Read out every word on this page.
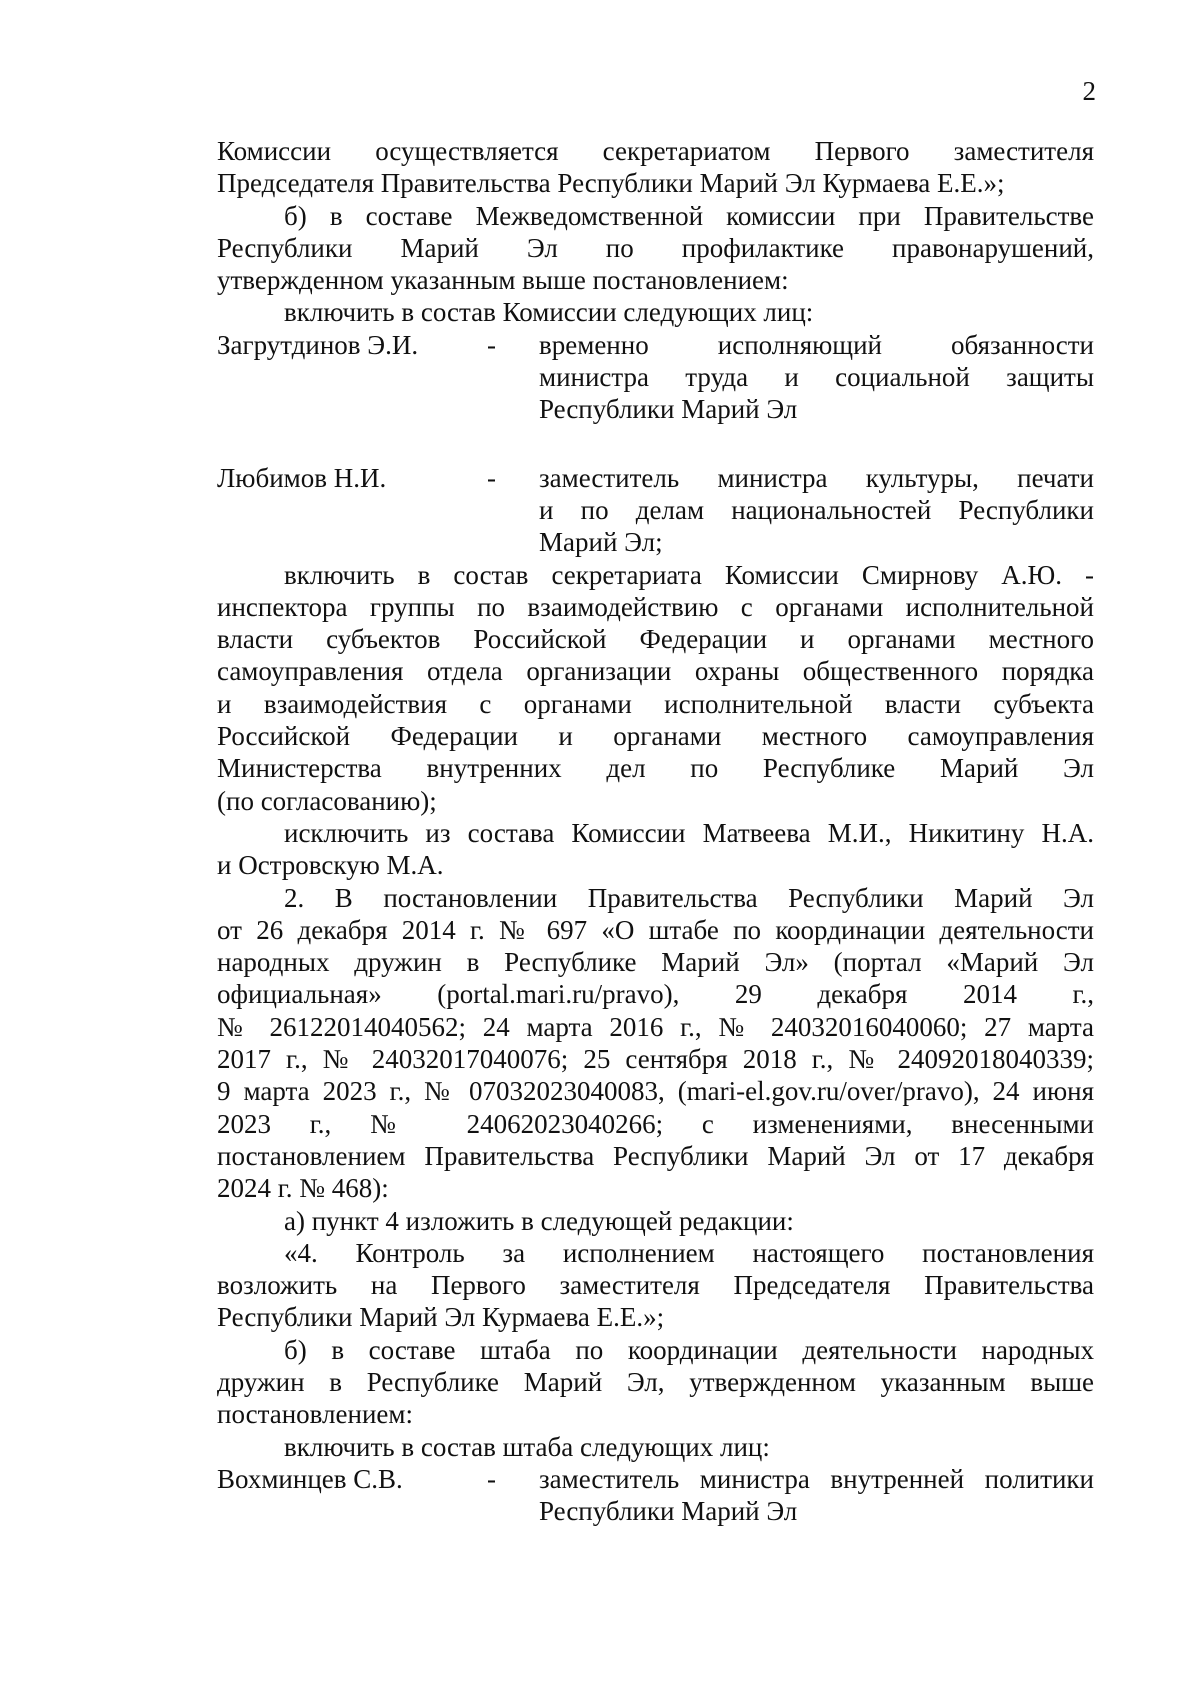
2
Комиссии осуществляется секретариатом Первого заместителя
Председателя Правительства Республики Марий Эл Курмаева Е.Е.»;
б) в составе Межведомственной комиссии при Правительстве
Республики Марий Эл по профилактике правонарушений,
утвержденном указанным выше постановлением:
включить в состав Комиссии следующих лиц:
Загрутдинов Э.И.	-	временно исполняющий обязанности
министра труда и социальной защиты
Республики Марий Эл
Любимов Н.И.	-	заместитель министра культуры, печати
и по делам национальностей Республики
Марий Эл;
включить в состав секретариата Комиссии Смирнову А.Ю. -
инспектора группы по взаимодействию с органами исполнительной
власти субъектов Российской Федерации и органами местного
самоуправления отдела организации охраны общественного порядка
и взаимодействия с органами исполнительной власти субъекта
Российской Федерации и органами местного самоуправления
Министерства внутренних дел по Республике Марий Эл
(по согласованию);
исключить из состава Комиссии Матвеева М.И., Никитину Н.А.
и Островскую М.А.
2. В постановлении Правительства Республики Марий Эл
от 26 декабря 2014 г. № 697 «О штабе по координации деятельности
народных дружин в Республике Марий Эл» (портал «Марий Эл
официальная» (portal.mari.ru/pravo), 29 декабря 2014 г.,
№ 26122014040562; 24 марта 2016 г., № 24032016040060; 27 марта
2017 г., № 24032017040076; 25 сентября 2018 г., № 24092018040339;
9 марта 2023 г., № 07032023040083, (mari-el.gov.ru/over/pravo), 24 июня
2023 г., № 24062023040266; с изменениями, внесенными
постановлением Правительства Республики Марий Эл от 17 декабря
2024 г. № 468):
а) пункт 4 изложить в следующей редакции:
«4. Контроль за исполнением настоящего постановления
возложить на Первого заместителя Председателя Правительства
Республики Марий Эл Курмаева Е.Е.»;
б) в составе штаба по координации деятельности народных
дружин в Республике Марий Эл, утвержденном указанным выше
постановлением:
включить в состав штаба следующих лиц:
Вохминцев С.В.	-	заместитель министра внутренней политики
Республики Марий Эл
